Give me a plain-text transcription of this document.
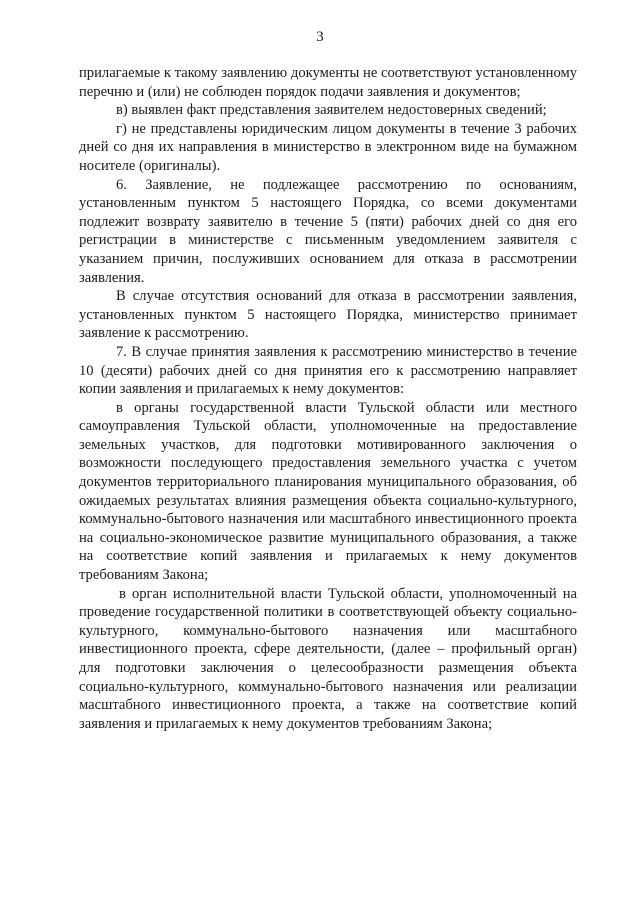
3

прилагаемые к такому заявлению документы не соответствуют установленному перечню и (или) не соблюден порядок подачи заявления и документов;

в) выявлен факт представления заявителем недостоверных сведений;

г) не представлены юридическим лицом документы в течение 3 рабочих дней со дня их направления в министерство в электронном виде на бумажном носителе (оригиналы).

6. Заявление, не подлежащее рассмотрению по основаниям, установленным пунктом 5 настоящего Порядка, со всеми документами подлежит возврату заявителю в течение 5 (пяти) рабочих дней со дня его регистрации в министерстве с письменным уведомлением заявителя с указанием причин, послуживших основанием для отказа в рассмотрении заявления.

В случае отсутствия оснований для отказа в рассмотрении заявления, установленных пунктом 5 настоящего Порядка, министерство принимает заявление к рассмотрению.

7. В случае принятия заявления к рассмотрению министерство в течение 10 (десяти) рабочих дней со дня принятия его к рассмотрению направляет копии заявления и прилагаемых к нему документов:

в органы государственной власти Тульской области или местного самоуправления Тульской области, уполномоченные на предоставление земельных участков, для подготовки мотивированного заключения о возможности последующего предоставления земельного участка с учетом документов территориального планирования муниципального образования, об ожидаемых результатах влияния размещения объекта социально-культурного, коммунально-бытового назначения или масштабного инвестиционного проекта на социально-экономическое развитие муниципального образования, а также на соответствие копий заявления и прилагаемых к нему документов требованиям Закона;

в орган исполнительной власти Тульской области, уполномоченный на проведение государственной политики в соответствующей объекту социально-культурного, коммунально-бытового назначения или масштабного инвестиционного проекта, сфере деятельности, (далее – профильный орган) для подготовки заключения о целесообразности размещения объекта социально-культурного, коммунально-бытового назначения или реализации масштабного инвестиционного проекта, а также на соответствие копий заявления и прилагаемых к нему документов требованиям Закона;
